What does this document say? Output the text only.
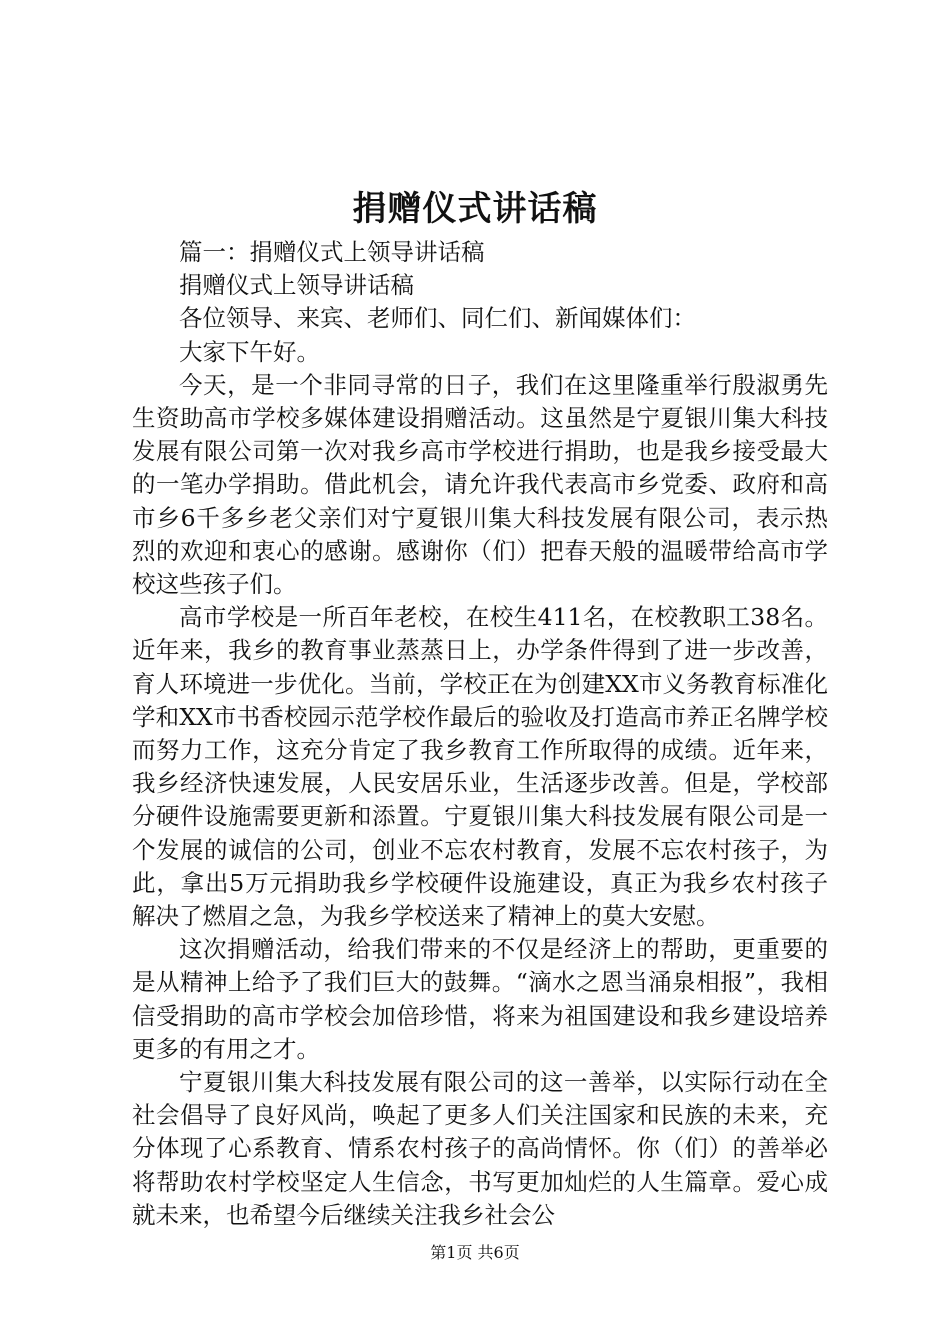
捐赠仪式讲话稿

篇一：捐赠仪式上领导讲话稿

捐赠仪式上领导讲话稿

各位领导、来宾、老师们、同仁们、新闻媒体们：

大家下午好。

今天，是一个非同寻常的日子，我们在这里隆重举行殷淑勇先生资助高市学校多媒体建设捐赠活动。这虽然是宁夏银川集大科技发展有限公司第一次对我乡高市学校进行捐助，也是我乡接受最大的一笔办学捐助。借此机会，请允许我代表高市乡党委、政府和高市乡6千多乡老父亲们对宁夏银川集大科技发展有限公司，表示热烈的欢迎和衷心的感谢。感谢你（们）把春天般的温暖带给高市学校这些孩子们。

高市学校是一所百年老校，在校生411名，在校教职工38名。近年来，我乡的教育事业蒸蒸日上，办学条件得到了进一步改善，育人环境进一步优化。当前，学校正在为创建XX市义务教育标准化学和XX市书香校园示范学校作最后的验收及打造高市养正名牌学校而努力工作，这充分肯定了我乡教育工作所取得的成绩。近年来，我乡经济快速发展，人民安居乐业，生活逐步改善。但是，学校部分硬件设施需要更新和添置。宁夏银川集大科技发展有限公司是一个发展的诚信的公司，创业不忘农村教育，发展不忘农村孩子，为此，拿出5万元捐助我乡学校硬件设施建设，真正为我乡农村孩子解决了燃眉之急，为我乡学校送来了精神上的莫大安慰。

这次捐赠活动，给我们带来的不仅是经济上的帮助，更重要的是从精神上给予了我们巨大的鼓舞。“滴水之恩当涌泉相报”，我相信受捐助的高市学校会加倍珍惜，将来为祖国建设和我乡建设培养更多的有用之才。

宁夏银川集大科技发展有限公司的这一善举，以实际行动在全社会倡导了良好风尚，唤起了更多人们关注国家和民族的未来，充分体现了心系教育、情系农村孩子的高尚情怀。你（们）的善举必将帮助农村学校坚定人生信念，书写更加灿烂的人生篇章。爱心成就未来，也希望今后继续关注我乡社会公

第1页 共6页
